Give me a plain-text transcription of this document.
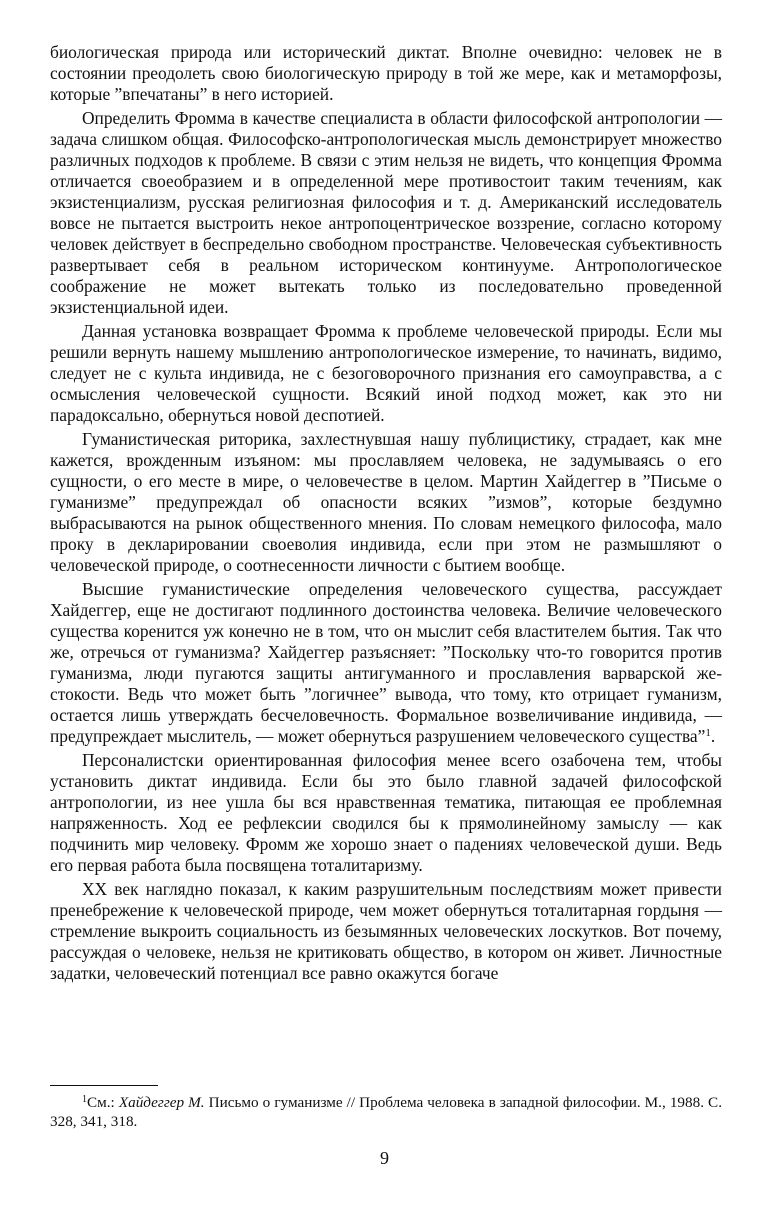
биологическая природа или исторический диктат. Вполне очевидно: человек не в состоянии преодолеть свою биологическую природу в той же мере, как и метаморфозы, которые ”впечатаны” в него историей.

Определить Фромма в качестве специалиста в области философской антропологии — задача слишком общая. Философско-антропологическая мысль демонстрирует множество различных подходов к проблеме. В связи с этим нельзя не видеть, что концепция Фромма отличается своеобразием и в определенной мере противостоит таким течениям, как экзистенциализм, русская религиозная философия и т. д. Американский исследователь вовсе не пытается выстроить некое антропоцентрическое воззрение, согласно которому человек действует в беспредельно свободном пространстве. Человеческая субъективность развертывает себя в реальном историческом континууме. Антропологическое соображение не может вытекать только из последовательно проведенной экзистенциальной идеи.

Данная установка возвращает Фромма к проблеме человеческой природы. Если мы решили вернуть нашему мышлению антропологическое измерение, то начинать, видимо, следует не с культа индивида, не с безоговорочного признания его самоуправства, а с осмысления человеческой сущности. Всякий иной подход может, как это ни парадоксально, обернуться новой деспотией.

Гуманистическая риторика, захлестнувшая нашу публицистику, страдает, как мне кажется, врожденным изъяном: мы прославляем человека, не задумываясь о его сущности, о его месте в мире, о человечестве в целом. Мартин Хайдеггер в ”Письме о гуманизме” предупреждал об опасности всяких ”измов”, которые бездумно выбрасываются на рынок общественного мнения. По словам немецкого философа, мало проку в декларировании своеволия индивида, если при этом не размышляют о человеческой природе, о соотнесенности личности с бытием вообще.

Высшие гуманистические определения человеческого существа, рассуждает Хайдеггер, еще не достигают подлинного достоинства человека. Величие человеческого существа коренится уж конечно не в том, что он мыслит себя властителем бытия. Так что же, отречься от гуманизма? Хайдеггер разъясняет: ”Поскольку что-то говорится против гуманизма, люди пугаются защиты антигуманного и прославления варварской жестокости. Ведь что может быть ”логичнее” вывода, что тому, кто отрицает гуманизм, остается лишь утверждать бесчеловечность. Формальное возвеличивание индивида, — предупреждает мыслитель, — может обернуться разрушением человеческого существа”$^1$.

Персоналистски ориентированная философия менее всего озабочена тем, чтобы установить диктат индивида. Если бы это было главной задачей философской антропологии, из нее ушла бы вся нравственная тематика, питающая ее проблемная напряженность. Ход ее рефлексии сводился бы к прямолинейному замыслу — как подчинить мир человеку. Фромм же хорошо знает о падениях человеческой души. Ведь его первая работа была посвящена тоталитаризму.

XX век наглядно показал, к каким разрушительным последствиям может привести пренебрежение к человеческой природе, чем может обернуться тоталитарная гордыня — стремление выкроить социальность из безымянных человеческих лоскутков. Вот почему, рассуждая о человеке, нельзя не критиковать общество, в котором он живет. Личностные задатки, человеческий потенциал все равно окажутся богаче

$^1$См.: Хайдеггер М. Письмо о гуманизме // Проблема человека в западной философии. М., 1988. С. 328, 341, 318.

9
